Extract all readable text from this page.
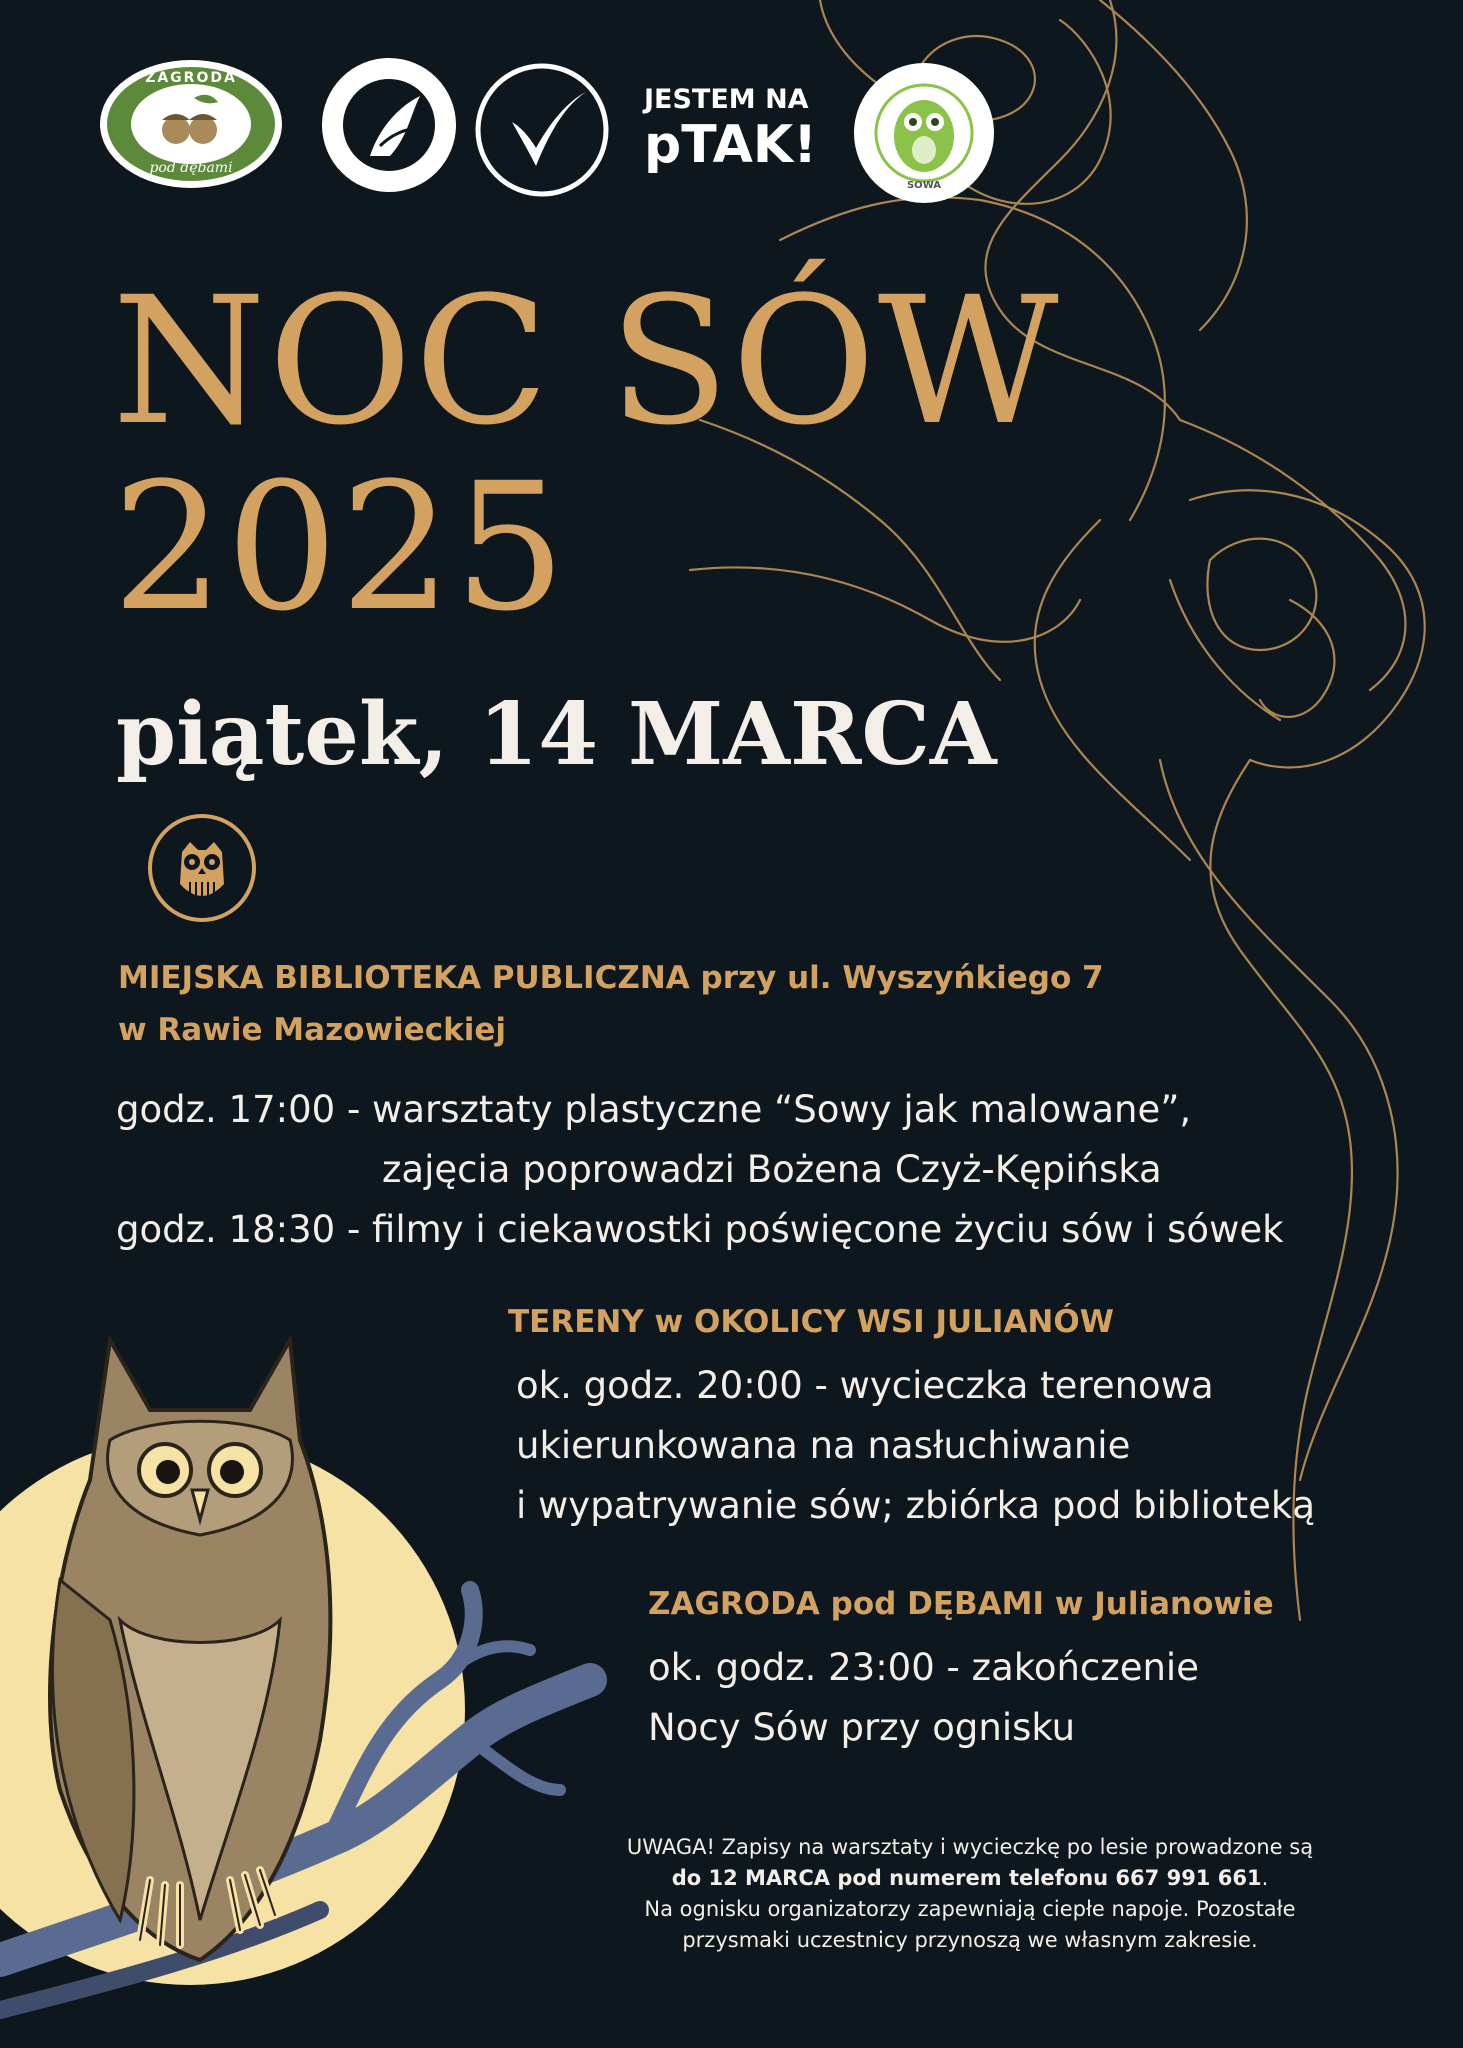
ZAGRODA
pod dębami
JESTEM NA
pTAK!
SOWA
NOC SÓW
2025
piątek, 14 MARCA
MIEJSKA BIBLIOTEKA PUBLICZNA przy ul. Wyszyńkiego 7
w Rawie Mazowieckiej
godz. 17:00 - warsztaty plastyczne “Sowy jak malowane”,
zajęcia poprowadzi Bożena Czyż-Kępińska
godz. 18:30 - filmy i ciekawostki poświęcone życiu sów i sówek
TERENY w OKOLICY WSI JULIANÓW
ok. godz. 20:00 - wycieczka terenowa
ukierunkowana na nasłuchiwanie
i wypatrywanie sów; zbiórka pod biblioteką
ZAGRODA pod DĘBAMI w Julianowie
ok. godz. 23:00 - zakończenie
Nocy Sów przy ognisku
UWAGA! Zapisy na warsztaty i wycieczkę po lesie prowadzone są
do 12 MARCA pod numerem telefonu 667 991 661.
Na ognisku organizatorzy zapewniają ciepłe napoje. Pozostałe
przysmaki uczestnicy przynoszą we własnym zakresie.
